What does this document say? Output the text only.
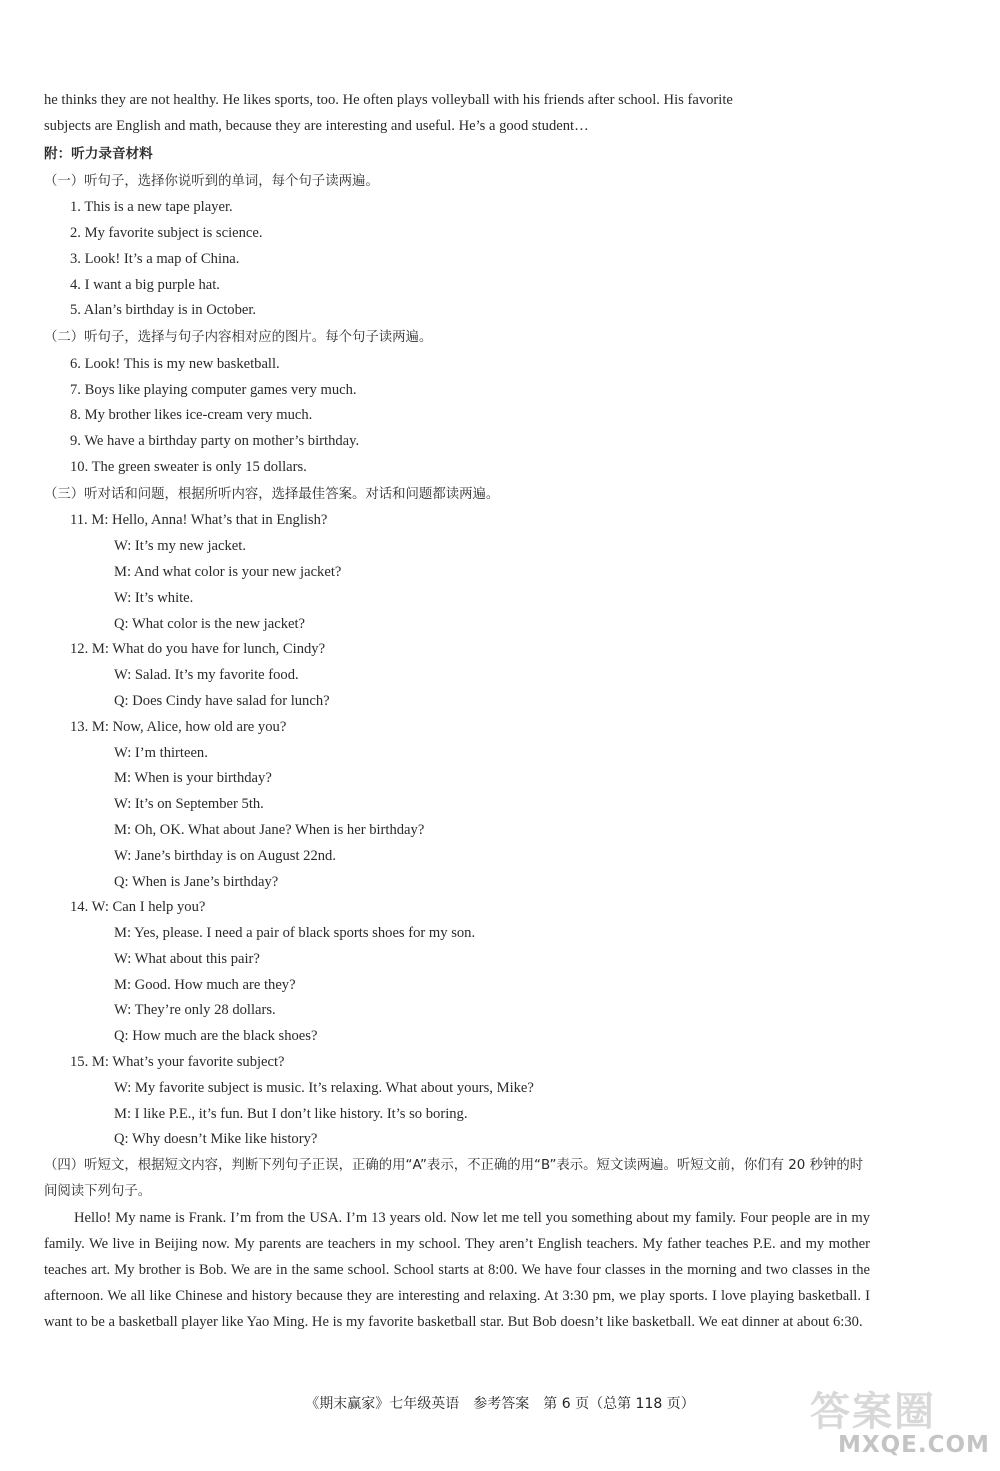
he thinks they are not healthy. He likes sports, too. He often plays volleyball with his friends after school. His favorite
subjects are English and math, because they are interesting and useful. He’s a good student…
附：听力录音材料
（一）听句子，选择你说听到的单词，每个句子读两遍。
1. This is a new tape player.
2. My favorite subject is science.
3. Look! It’s a map of China.
4. I want a big purple hat.
5. Alan’s birthday is in October.
（二）听句子，选择与句子内容相对应的图片。每个句子读两遍。
6. Look! This is my new basketball.
7. Boys like playing computer games very much.
8. My brother likes ice-cream very much.
9. We have a birthday party on mother’s birthday.
10. The green sweater is only 15 dollars.
（三）听对话和问题，根据所听内容，选择最佳答案。对话和问题都读两遍。
11. M: Hello, Anna! What’s that in English?
W: It’s my new jacket.
M: And what color is your new jacket?
W: It’s white.
Q: What color is the new jacket?
12. M: What do you have for lunch, Cindy?
W: Salad. It’s my favorite food.
Q: Does Cindy have salad for lunch?
13. M: Now, Alice, how old are you?
W: I’m thirteen.
M: When is your birthday?
W: It’s on September 5th.
M: Oh, OK. What about Jane? When is her birthday?
W: Jane’s birthday is on August 22nd.
Q: When is Jane’s birthday?
14. W: Can I help you?
M: Yes, please. I need a pair of black sports shoes for my son.
W: What about this pair?
M: Good. How much are they?
W: They’re only 28 dollars.
Q: How much are the black shoes?
15. M: What’s your favorite subject?
W: My favorite subject is music. It’s relaxing. What about yours, Mike?
M: I like P.E., it’s fun. But I don’t like history. It’s so boring.
Q: Why doesn’t Mike like history?
（四）听短文，根据短文内容，判断下列句子正误，正确的用“A”表示，不正确的用“B”表示。短文读两遍。听短文前，你们有 20 秒钟的时间阅读下列句子。
Hello! My name is Frank. I’m from the USA. I’m 13 years old. Now let me tell you something about my family. Four people are in my family. We live in Beijing now. My parents are teachers in my school. They aren’t English teachers. My father teaches P.E. and my mother teaches art. My brother is Bob. We are in the same school. School starts at 8:00. We have four classes in the morning and two classes in the afternoon. We all like Chinese and history because they are interesting and relaxing. At 3:30 pm, we play sports. I love playing basketball. I want to be a basketball player like Yao Ming. He is my favorite basketball star. But Bob doesn’t like basketball. We eat dinner at about 6:30.
《期末赢家》七年级英语　参考答案　第 6 页（总第 118 页）	答案圈
MXQE.COM
